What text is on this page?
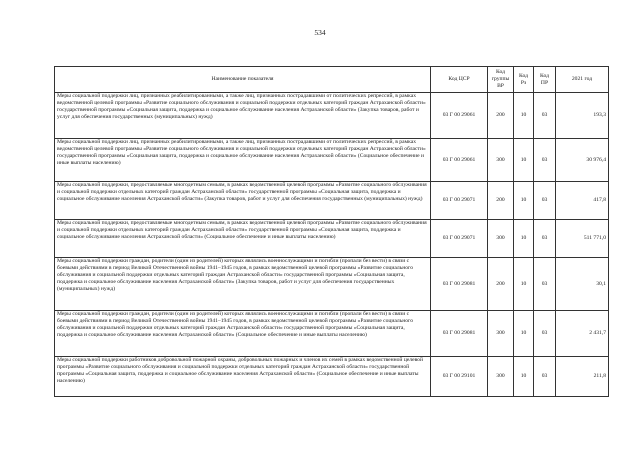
534
Наименование показателя	Код ЦСР	Код группы ВР	Код Рз	Код ПР	2021 год
Меры социальной поддержки лиц, признанных реабилитированными, а также лиц, признанных пострадавшими от политических репрессий, в рамках ведомственной целевой программы «Развитие социального обслуживания и социальной поддержки отдельных категорий граждан Астраханской области» государственной программы «Социальная защита, поддержка и социальное обслуживание населения Астраханской области» (Закупка товаров, работ и услуг для обеспечения государственных (муниципальных) нужд)	03 Г 00 29061	200	10	03	193,3
Меры социальной поддержки лиц, признанных реабилитированными, а также лиц, признанных пострадавшими от политических репрессий, в рамках ведомственной целевой программы «Развитие социального обслуживания и социальной поддержки отдельных категорий граждан Астраханской области» государственной программы «Социальная защита, поддержка и социальное обслуживание населения Астраханской области» (Социальное обеспечение и иные выплаты населению)	03 Г 00 29061	300	10	03	30 976,4
Меры социальной поддержки, предоставляемые многодетным семьям, в рамках ведомственной целевой программы «Развитие социального обслуживания и социальной поддержки отдельных категорий граждан Астраханской области» государственной программы «Социальная защита, поддержка и социальное обслуживание населения Астраханской области» (Закупка товаров, работ и услуг для обеспечения государственных (муниципальных) нужд)	03 Г 00 29071	200	10	03	417,8
Меры социальной поддержки, предоставляемые многодетным семьям, в рамках ведомственной целевой программы «Развитие социального обслуживания и социальной поддержки отдельных категорий граждан Астраханской области» государственной программы «Социальная защита, поддержка и социальное обслуживание населения Астраханской области» (Социальное обеспечение и иные выплаты населению)	03 Г 00 29071	300	10	03	511 771,0
Меры социальной поддержки граждан, родители (один из родителей) которых являлись военнослужащими и погибли (пропали без вести) в связи с боевыми действиями в период Великой Отечественной войны 1941–1945 годов, в рамках ведомственной целевой программы «Развитие социального обслуживания и социальной поддержки отдельных категорий граждан Астраханской области» государственной программы «Социальная защита, поддержка и социальное обслуживание населения Астраханской области» (Закупка товаров, работ и услуг для обеспечения государственных (муниципальных) нужд)	03 Г 00 29081	200	10	03	30,1
Меры социальной поддержки граждан, родители (один из родителей) которых являлись военнослужащими и погибли (пропали без вести) в связи с боевыми действиями в период Великой Отечественной войны 1941–1945 годов, в рамках ведомственной целевой программы «Развитие социального обслуживания и социальной поддержки отдельных категорий граждан Астраханской области» государственной программы «Социальная защита, поддержка и социальное обслуживание населения Астраханской области» (Социальное обеспечение и иные выплаты населению)	03 Г 00 29081	300	10	03	2 431,7
Меры социальной поддержки работников добровольной пожарной охраны, добровольных пожарных и членов их семей в рамках ведомственной целевой программы «Развитие социального обслуживания и социальной поддержки отдельных категорий граждан Астраханской области» государственной программы «Социальная защита, поддержка и социальное обслуживание населения Астраханской области» (Социальное обеспечение и иные выплаты населению)	03 Г 00 29101	300	10	03	211,8
